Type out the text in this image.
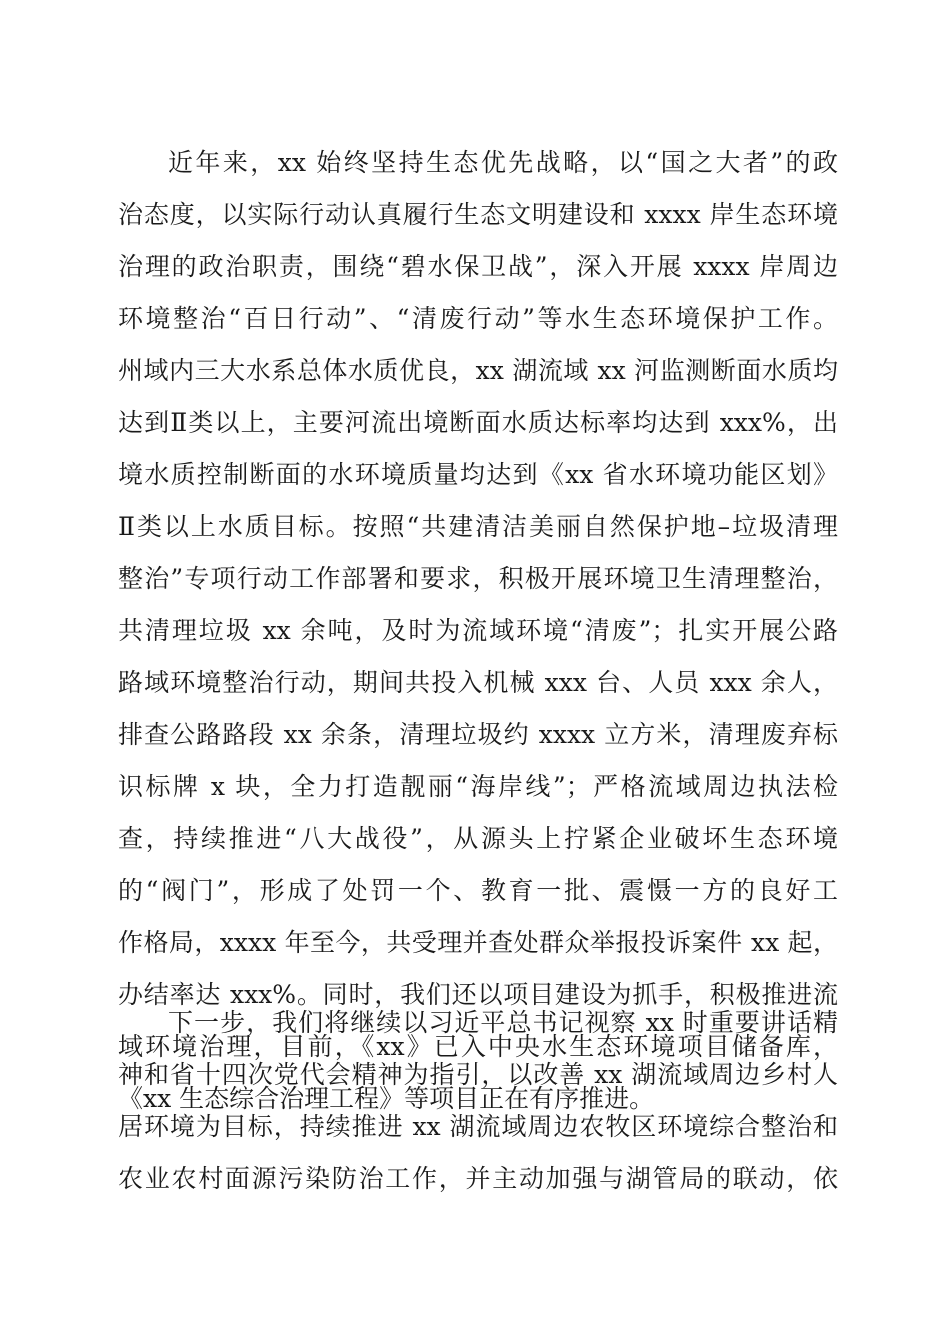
近年来，xx 始终坚持生态优先战略，以“国之大者”的政
治态度，以实际行动认真履行生态文明建设和 xxxx 岸生态环境
治理的政治职责，围绕“碧水保卫战”，深入开展 xxxx 岸周边
环境整治“百日行动”、“清废行动”等水生态环境保护工作。
州域内三大水系总体水质优良，xx 湖流域 xx 河监测断面水质均
达到Ⅱ类以上，主要河流出境断面水质达标率均达到 xxx%，出
境水质控制断面的水环境质量均达到《xx 省水环境功能区划》
Ⅱ类以上水质目标。按照“共建清洁美丽自然保护地–垃圾清理
整治”专项行动工作部署和要求，积极开展环境卫生清理整治，
共清理垃圾 xx 余吨，及时为流域环境“清废”；扎实开展公路
路域环境整治行动，期间共投入机械 xxx 台、人员 xxx 余人，
排查公路路段 xx 余条，清理垃圾约 xxxx 立方米，清理废弃标
识标牌 x 块，全力打造靓丽“海岸线”；严格流域周边执法检
查，持续推进“八大战役”，从源头上拧紧企业破坏生态环境
的“阀门”，形成了处罚一个、教育一批、震慑一方的良好工
作格局，xxxx 年至今，共受理并查处群众举报投诉案件 xx 起，
办结率达 xxx%。同时，我们还以项目建设为抓手，积极推进流
域环境治理，目前，《xx》已入中央水生态环境项目储备库，
《xx 生态综合治理工程》等项目正在有序推进。
下一步，我们将继续以习近平总书记视察 xx 时重要讲话精
神和省十四次党代会精神为指引，以改善 xx 湖流域周边乡村人
居环境为目标，持续推进 xx 湖流域周边农牧区环境综合整治和
农业农村面源污染防治工作，并主动加强与湖管局的联动，依
